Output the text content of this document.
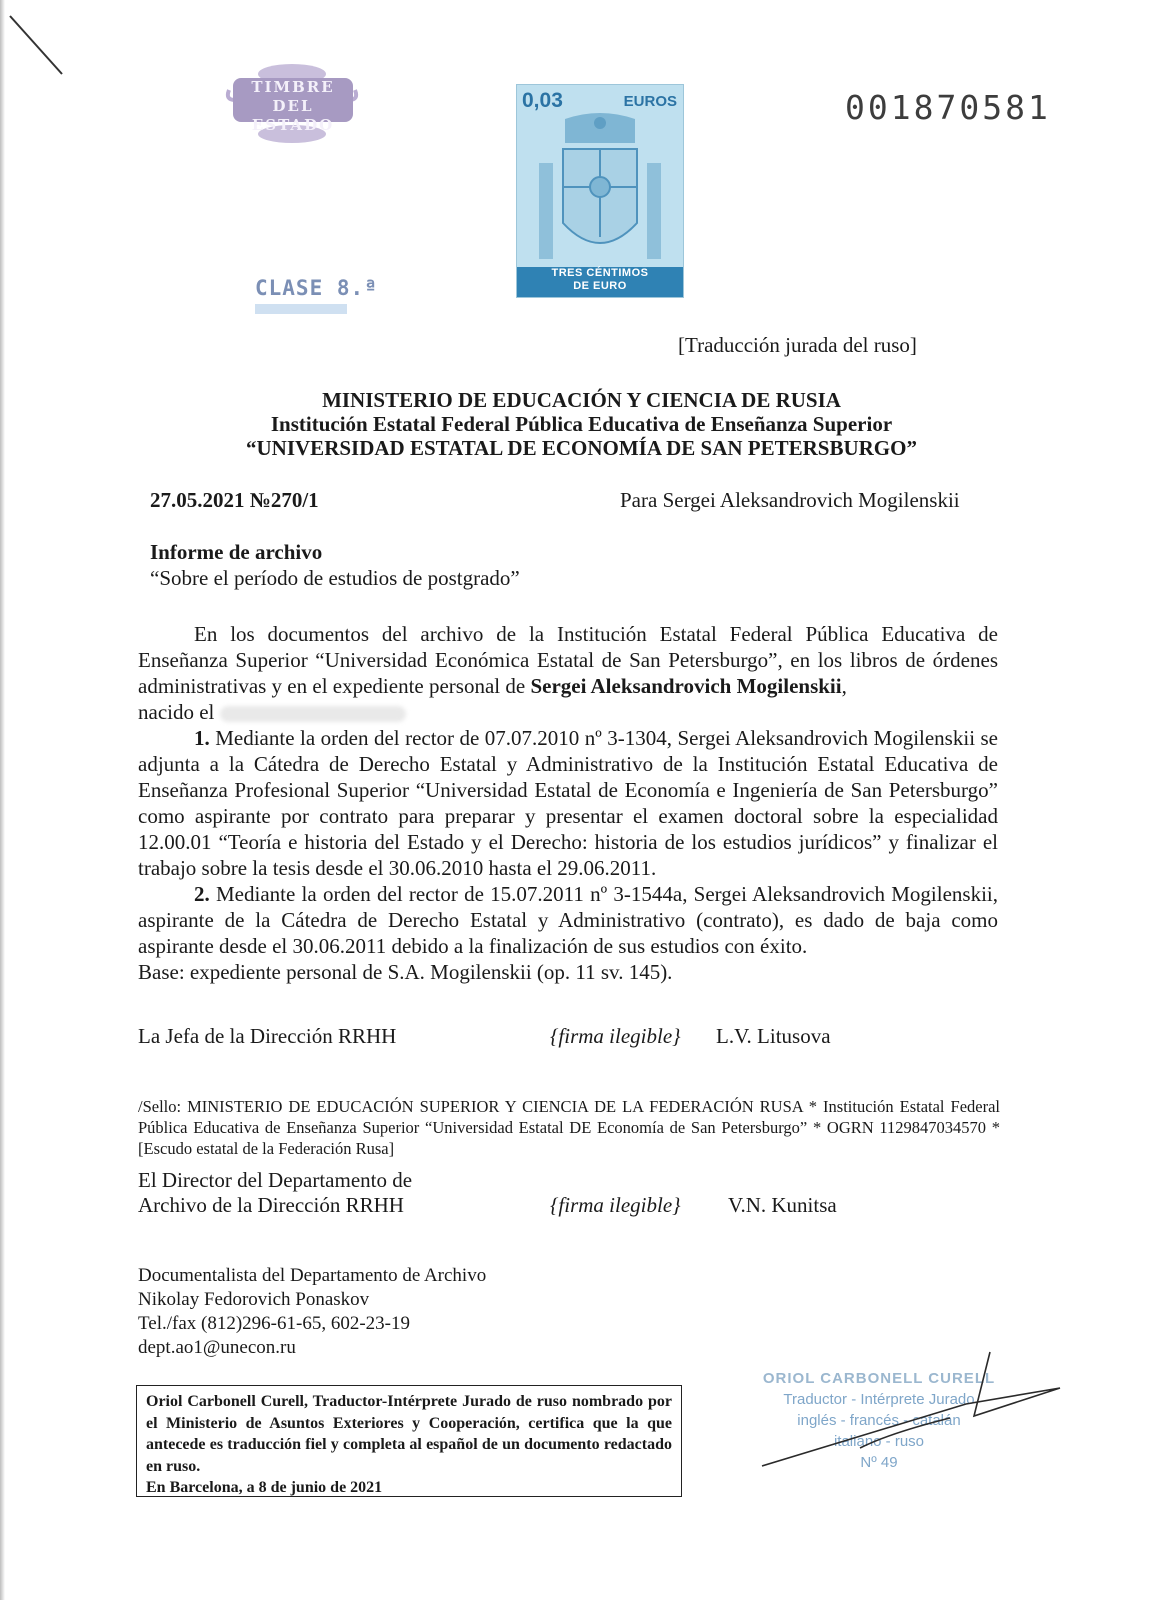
TIMBRE
DEL ESTADO
CLASE 8.ª
0,03	EUROS
TRES CÉNTIMOS
DE EURO
001870581
[Traducción jurada del ruso]
MINISTERIO DE EDUCACIÓN Y CIENCIA DE RUSIA
Institución Estatal Federal Pública Educativa de Enseñanza Superior
“UNIVERSIDAD ESTATAL DE ECONOMÍA DE SAN PETERSBURGO”
27.05.2021 №270/1	Para Sergei Aleksandrovich Mogilenskii
Informe de archivo
“Sobre el período de estudios de postgrado”

En los documentos del archivo de la Institución Estatal Federal Pública Educativa de Enseñanza Superior “Universidad Económica Estatal de San Petersburgo”, en los libros de órdenes administrativas y en el expediente personal de Sergei Aleksandrovich Mogilenskii,

nacido el

1. Mediante la orden del rector de 07.07.2010 nº 3-1304, Sergei Aleksandrovich Mogilenskii se adjunta a la Cátedra de Derecho Estatal y Administrativo de la Institución Estatal Educativa de Enseñanza Profesional Superior “Universidad Estatal de Economía e Ingeniería de San Petersburgo” como aspirante por contrato para preparar y presentar el examen doctoral sobre la especialidad 12.00.01 “Teoría e historia del Estado y el Derecho: historia de los estudios jurídicos” y finalizar el trabajo sobre la tesis desde el 30.06.2010 hasta el 29.06.2011.

2. Mediante la orden del rector de 15.07.2011 nº 3-1544a, Sergei Aleksandrovich Mogilenskii, aspirante de la Cátedra de Derecho Estatal y Administrativo (contrato), es dado de baja como aspirante desde el 30.06.2011 debido a la finalización de sus estudios con éxito.

Base: expediente personal de S.A. Mogilenskii (op. 11 sv. 145).

La Jefa de la Dirección RRHH	{firma ilegible} L.V. Litusova
/Sello: MINISTERIO DE EDUCACIÓN SUPERIOR Y CIENCIA DE LA FEDERACIÓN RUSA * Institución Estatal Federal Pública Educativa de Enseñanza Superior “Universidad Estatal DE Economía de San Petersburgo” * OGRN 1129847034570 * [Escudo estatal de la Federación Rusa]
El Director del Departamento de
Archivo de la Dirección RRHH	{firma ilegible} V.N. Kunitsa
Documentalista del Departamento de Archivo
Nikolay Fedorovich Ponaskov
Tel./fax (812)296-61-65, 602-23-19
dept.ao1@unecon.ru
Oriol Carbonell Curell, Traductor-Intérprete Jurado de ruso nombrado por el Ministerio de Asuntos Exteriores y Cooperación, certifica que la que antecede es traducción fiel y completa al español de un documento redactado en ruso.
En Barcelona, a 8 de junio de 2021
ORIOL CARBONELL CURELL
Traductor - Intérprete Jurado
inglés - francés - catalán
italiano - ruso
Nº 49
